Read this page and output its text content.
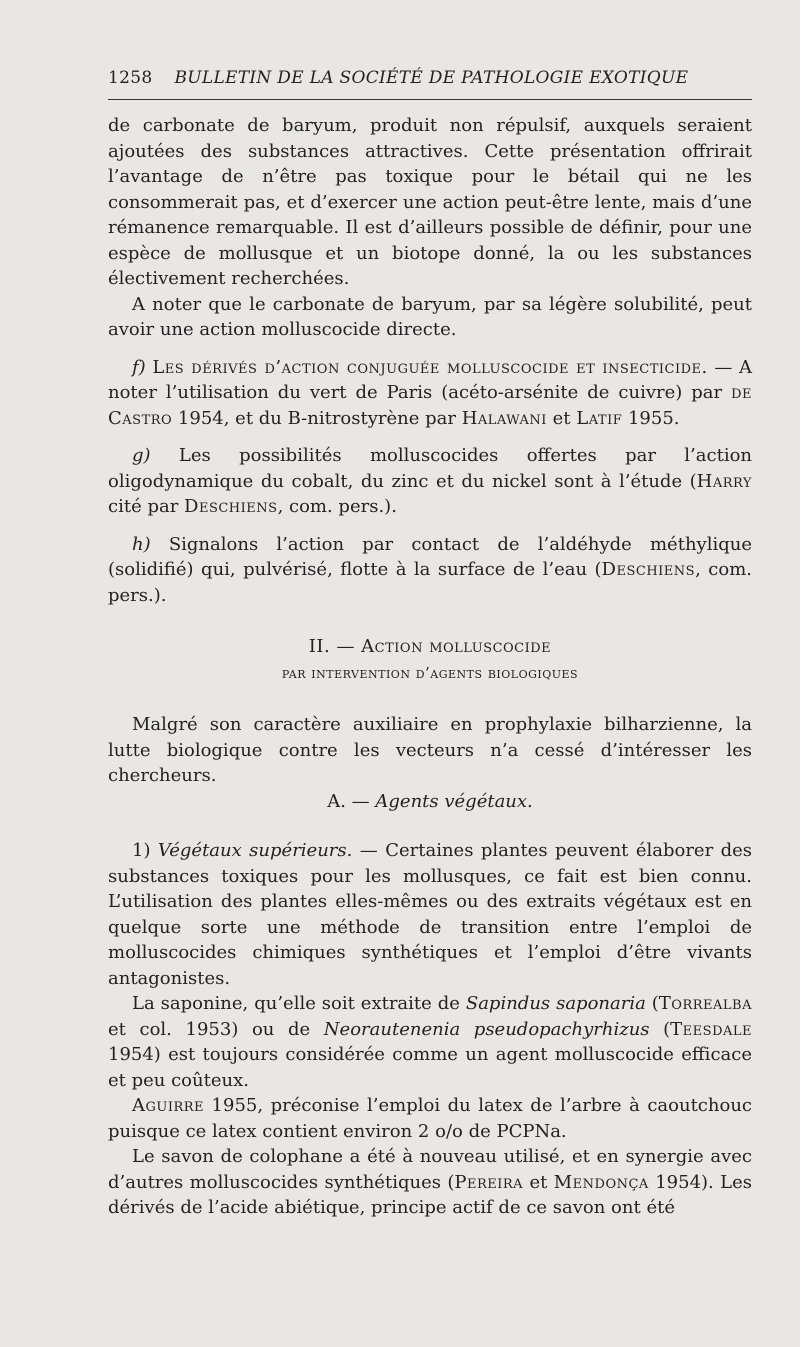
1258 BULLETIN DE LA SOCIÉTÉ DE PATHOLOGIE EXOTIQUE

de carbonate de baryum, produit non répulsif, auxquels seraient ajoutées des substances attractives. Cette présentation offrirait l’avantage de n’être pas toxique pour le bétail qui ne les consommerait pas, et d’exercer une action peut-être lente, mais d’une rémanence remarquable. Il est d’ailleurs possible de définir, pour une espèce de mollusque et un biotope donné, la ou les substances électivement recherchées.

A noter que le carbonate de baryum, par sa légère solubilité, peut avoir une action molluscocide directe.

f) Les dérivés d’action conjuguée molluscocide et insecticide. — A noter l’utilisation du vert de Paris (acéto-arsénite de cuivre) par de Castro 1954, et du B-nitrostyrène par Halawani et Latif 1955.

g) Les possibilités molluscocides offertes par l’action oligodynamique du cobalt, du zinc et du nickel sont à l’étude (Harry cité par Deschiens, com. pers.).

h) Signalons l’action par contact de l’aldéhyde méthylique (solidifié) qui, pulvérisé, flotte à la surface de l’eau (Deschiens, com. pers.).

II. — Action molluscocide
par intervention d’agents biologiques

Malgré son caractère auxiliaire en prophylaxie bilharzienne, la lutte biologique contre les vecteurs n’a cessé d’intéresser les chercheurs.

A. — Agents végétaux.

1) Végétaux supérieurs. — Certaines plantes peuvent élaborer des substances toxiques pour les mollusques, ce fait est bien connu. L’utilisation des plantes elles-mêmes ou des extraits végétaux est en quelque sorte une méthode de transition entre l’emploi de molluscocides chimiques synthétiques et l’emploi d’être vivants antagonistes.

La saponine, qu’elle soit extraite de Sapindus saponaria (Torrealba et col. 1953) ou de Neorautenenia pseudopachyrhizus (Teesdale 1954) est toujours considérée comme un agent molluscocide efficace et peu coûteux.

Aguirre 1955, préconise l’emploi du latex de l’arbre à caoutchouc puisque ce latex contient environ 2 o/o de PCPNa.

Le savon de colophane a été à nouveau utilisé, et en synergie avec d’autres molluscocides synthétiques (Pereira et Mendonça 1954). Les dérivés de l’acide abiétique, principe actif de ce savon ont été
